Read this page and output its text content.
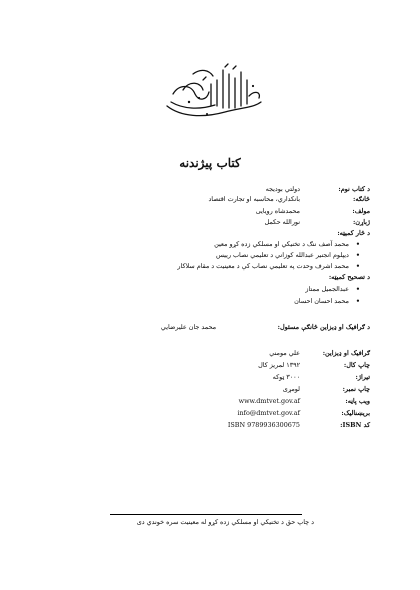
کتاب پیژندنه
د کتاب نوم:
دولتي بودیجه
څانګه:
بانکداري، محاسبه او تجارت اقتصاد
مولف:
محمدشاه رویایی
ژباړن:
نورالله حکمل
د څار کمیټه:
• محمد آصف ننګ د تخنیکي او مسلکي زده کړو معین
• دیپلوم انجنیر عبدالله کوزاني د تعلیمي نصاب رییس
• محمد اشرف وحدت په تعلیمي نصاب کې د معینیت د مقام سلاکار
د تصحیح کمیټه:
• عبدالجمیل ممتاز
• محمد احسان احسان
د ګرافیک او ډیزاین څانګې مسئول:
محمد جان علیرضایي
ګرافیک او ډیزاین:
علي مومني
چاپ کال:
۱۳۹۲ لمریز کال
تیراژ:
۳۰۰۰ ټوکه
چاپ نمبر:
لومړی
ویب پاڼه:
www.dmtvet.gov.af
بریښنالیک:
info@dmtvet.gov.af
کد ISBN:
ISBN 9789936300675
د چاپ حق د تخنیکي او مسلکي زده کړو له معینیت سره خوندي دی
